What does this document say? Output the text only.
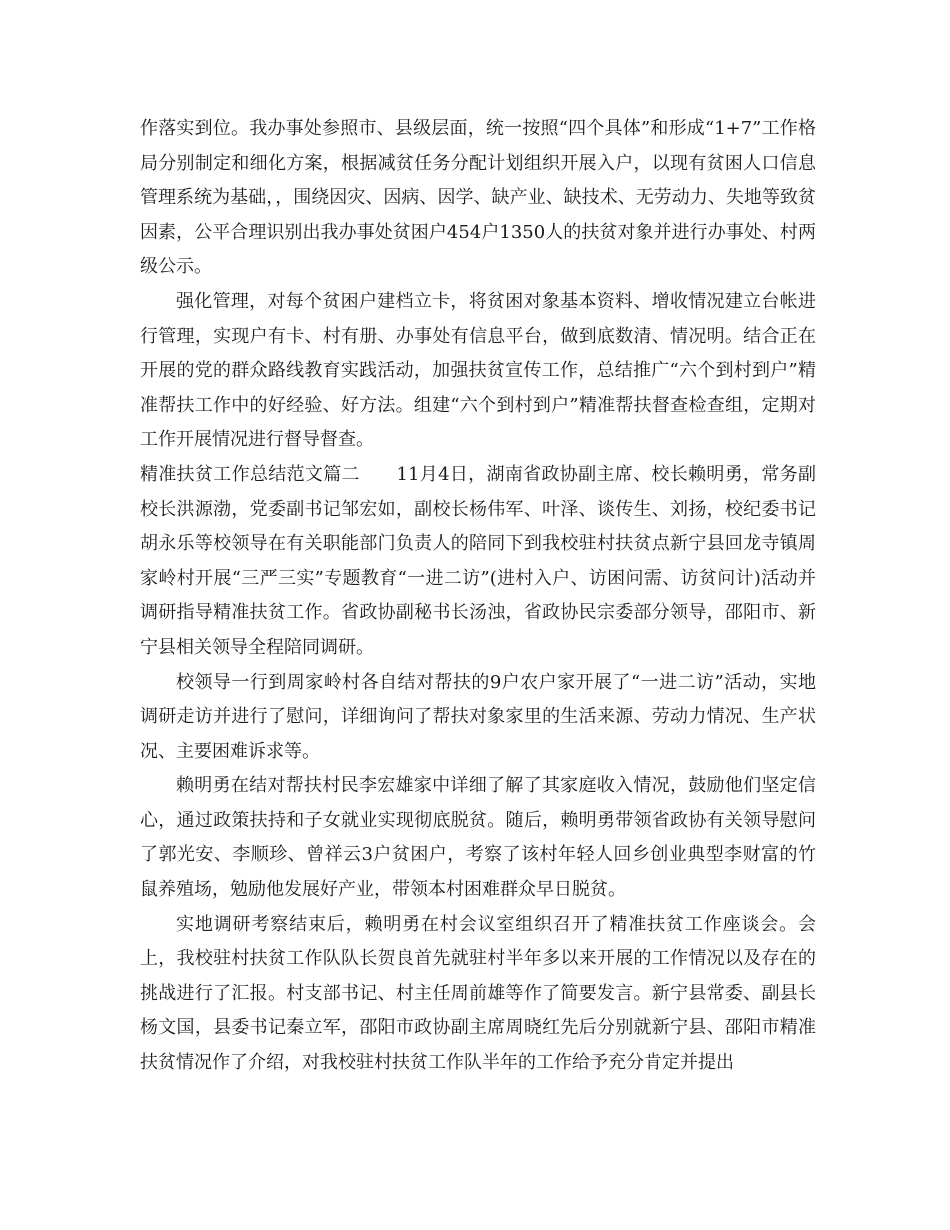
作落实到位。我办事处参照市、县级层面，统一按照“四个具体”和形成“1+7”工作格局分别制定和细化方案，根据减贫任务分配计划组织开展入户，以现有贫困人口信息管理系统为基础，，围绕因灾、因病、因学、缺产业、缺技术、无劳动力、失地等致贫因素，公平合理识别出我办事处贫困户454户1350人的扶贫对象并进行办事处、村两级公示。

强化管理，对每个贫困户建档立卡，将贫困对象基本资料、增收情况建立台帐进行管理，实现户有卡、村有册、办事处有信息平台，做到底数清、情况明。结合正在开展的党的群众路线教育实践活动，加强扶贫宣传工作，总结推广“六个到村到户”精准帮扶工作中的好经验、好方法。组建“六个到村到户”精准帮扶督查检查组，定期对工作开展情况进行督导督查。

精准扶贫工作总结范文篇二　　11月4日，湖南省政协副主席、校长赖明勇，常务副校长洪源渤，党委副书记邹宏如，副校长杨伟军、叶泽、谈传生、刘扬，校纪委书记胡永乐等校领导在有关职能部门负责人的陪同下到我校驻村扶贫点新宁县回龙寺镇周家岭村开展“三严三实”专题教育“一进二访”(进村入户、访困问需、访贫问计)活动并调研指导精准扶贫工作。省政协副秘书长汤浊，省政协民宗委部分领导，邵阳市、新宁县相关领导全程陪同调研。

校领导一行到周家岭村各自结对帮扶的9户农户家开展了“一进二访”活动，实地调研走访并进行了慰问，详细询问了帮扶对象家里的生活来源、劳动力情况、生产状况、主要困难诉求等。

赖明勇在结对帮扶村民李宏雄家中详细了解了其家庭收入情况，鼓励他们坚定信心，通过政策扶持和子女就业实现彻底脱贫。随后，赖明勇带领省政协有关领导慰问了郭光安、李顺珍、曾祥云3户贫困户，考察了该村年轻人回乡创业典型李财富的竹鼠养殖场，勉励他发展好产业，带领本村困难群众早日脱贫。

实地调研考察结束后，赖明勇在村会议室组织召开了精准扶贫工作座谈会。会上，我校驻村扶贫工作队队长贺良首先就驻村半年多以来开展的工作情况以及存在的挑战进行了汇报。村支部书记、村主任周前雄等作了简要发言。新宁县常委、副县长杨文国，县委书记秦立军，邵阳市政协副主席周晓红先后分别就新宁县、邵阳市精准扶贫情况作了介绍，对我校驻村扶贫工作队半年的工作给予充分肯定并提出
